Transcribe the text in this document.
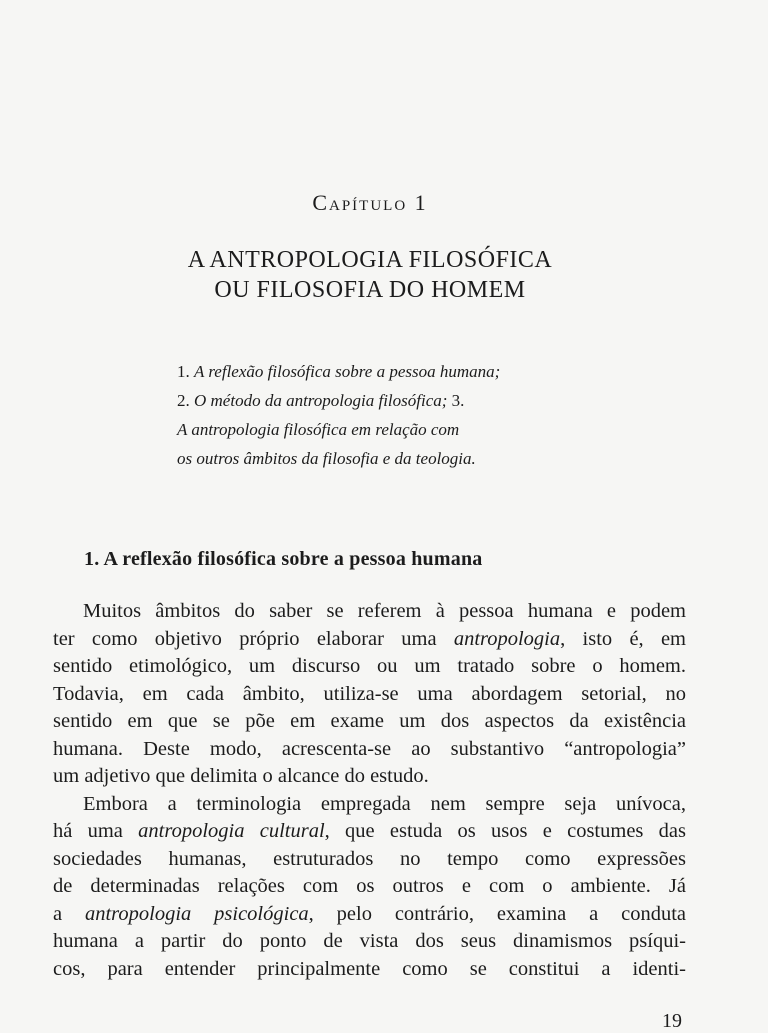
Capítulo 1
A ANTROPOLOGIA FILOSÓFICA
OU FILOSOFIA DO HOMEM
1. A reflexão filosófica sobre a pessoa humana;
2. O método da antropologia filosófica; 3.
A antropologia filosófica em relação com
os outros âmbitos da filosofia e da teologia.
1. A reflexão filosófica sobre a pessoa humana
Muitos âmbitos do saber se referem à pessoa humana e podem
ter como objetivo próprio elaborar uma antropologia, isto é, em
sentido etimológico, um discurso ou um tratado sobre o homem.
Todavia, em cada âmbito, utiliza-se uma abordagem setorial, no
sentido em que se põe em exame um dos aspectos da existência
humana. Deste modo, acrescenta-se ao substantivo “antropologia”
um adjetivo que delimita o alcance do estudo.
Embora a terminologia empregada nem sempre seja unívoca,
há uma antropologia cultural, que estuda os usos e costumes das
sociedades humanas, estruturados no tempo como expressões
de determinadas relações com os outros e com o ambiente. Já
a antropologia psicológica, pelo contrário, examina a conduta
humana a partir do ponto de vista dos seus dinamismos psíqui-
cos, para entender principalmente como se constitui a identi-
19
